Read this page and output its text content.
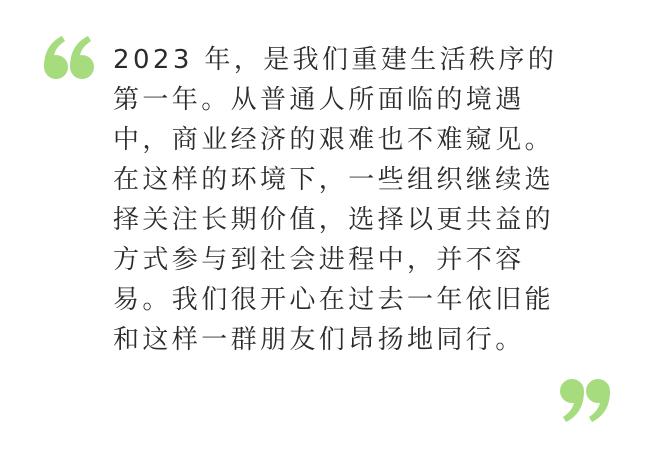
2023 年，是我们重建生活秩序的
第一年。从普通人所面临的境遇
中，商业经济的艰难也不难窥见。
在这样的环境下，一些组织继续选
择关注长期价值，选择以更共益的
方式参与到社会进程中，并不容
易。我们很开心在过去一年依旧能
和这样一群朋友们昂扬地同行。
